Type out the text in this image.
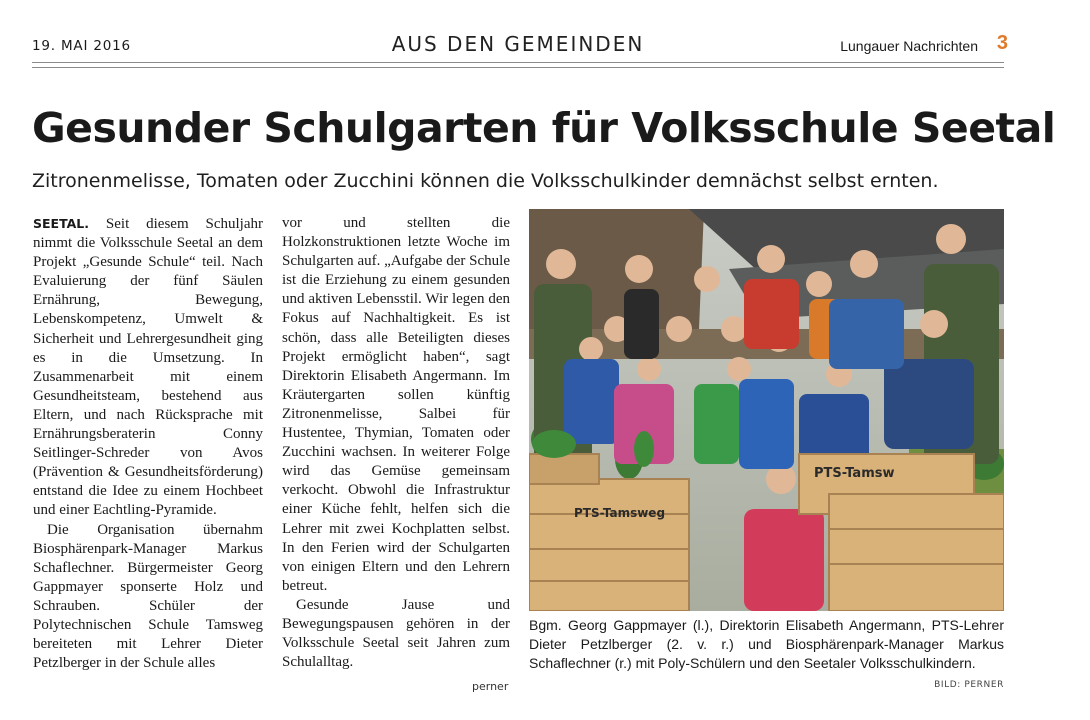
19. MAI 2016	AUS DEN GEMEINDEN	Lungauer Nachrichten 3
Gesunder Schulgarten für Volksschule Seetal
Zitronenmelisse, Tomaten oder Zucchini können die Volksschulkinder demnächst selbst ernten.

SEETAL. Seit diesem Schuljahr nimmt die Volksschule Seetal an dem Projekt „Gesunde Schule“ teil. Nach Evaluierung der fünf Säulen Ernährung, Bewegung, Lebenskompetenz, Umwelt & Sicherheit und Lehrergesundheit ging es in die Umsetzung. In Zusammenarbeit mit einem Gesundheitsteam, bestehend aus Eltern, und nach Rücksprache mit Ernährungsberaterin Conny Seitlinger-Schreder von Avos (Prävention & Gesundheitsförderung) entstand die Idee zu einem Hochbeet und einer Eachtling-Pyramide.

Die Organisation übernahm Biosphärenpark-Manager Markus Schaflechner. Bürgermeister Georg Gappmayer sponserte Holz und Schrauben. Schüler der Polytechnischen Schule Tamsweg bereiteten mit Lehrer Dieter Petzlberger in der Schule alles

vor und stellten die Holzkonstruktionen letzte Woche im Schulgarten auf. „Aufgabe der Schule ist die Erziehung zu einem gesunden und aktiven Lebensstil. Wir legen den Fokus auf Nachhaltigkeit. Es ist schön, dass alle Beteiligten dieses Projekt ermöglicht haben“, sagt Direktorin Elisabeth Angermann. Im Kräutergarten sollen künftig Zitronenmelisse, Salbei für Hustentee, Thymian, Tomaten oder Zucchini wachsen. In weiterer Folge wird das Gemüse gemeinsam verkocht. Obwohl die Infrastruktur einer Küche fehlt, helfen sich die Lehrer mit zwei Kochplatten selbst. In den Ferien wird der Schulgarten von einigen Eltern und den Lehrern betreut.

Gesunde Jause und Bewegungspausen gehören in der Volksschule Seetal seit Jahren zum Schulalltag.

perner
PTS-Tamsweg
PTS-Tamsw
Bgm. Georg Gappmayer (l.), Direktorin Elisabeth Angermann, PTS-Lehrer Dieter Petzlberger (2. v. r.) und Biosphärenpark-Manager Markus Schaflechner (r.) mit Poly-Schülern und den Seetaler Volksschulkindern.
BILD: PERNER
